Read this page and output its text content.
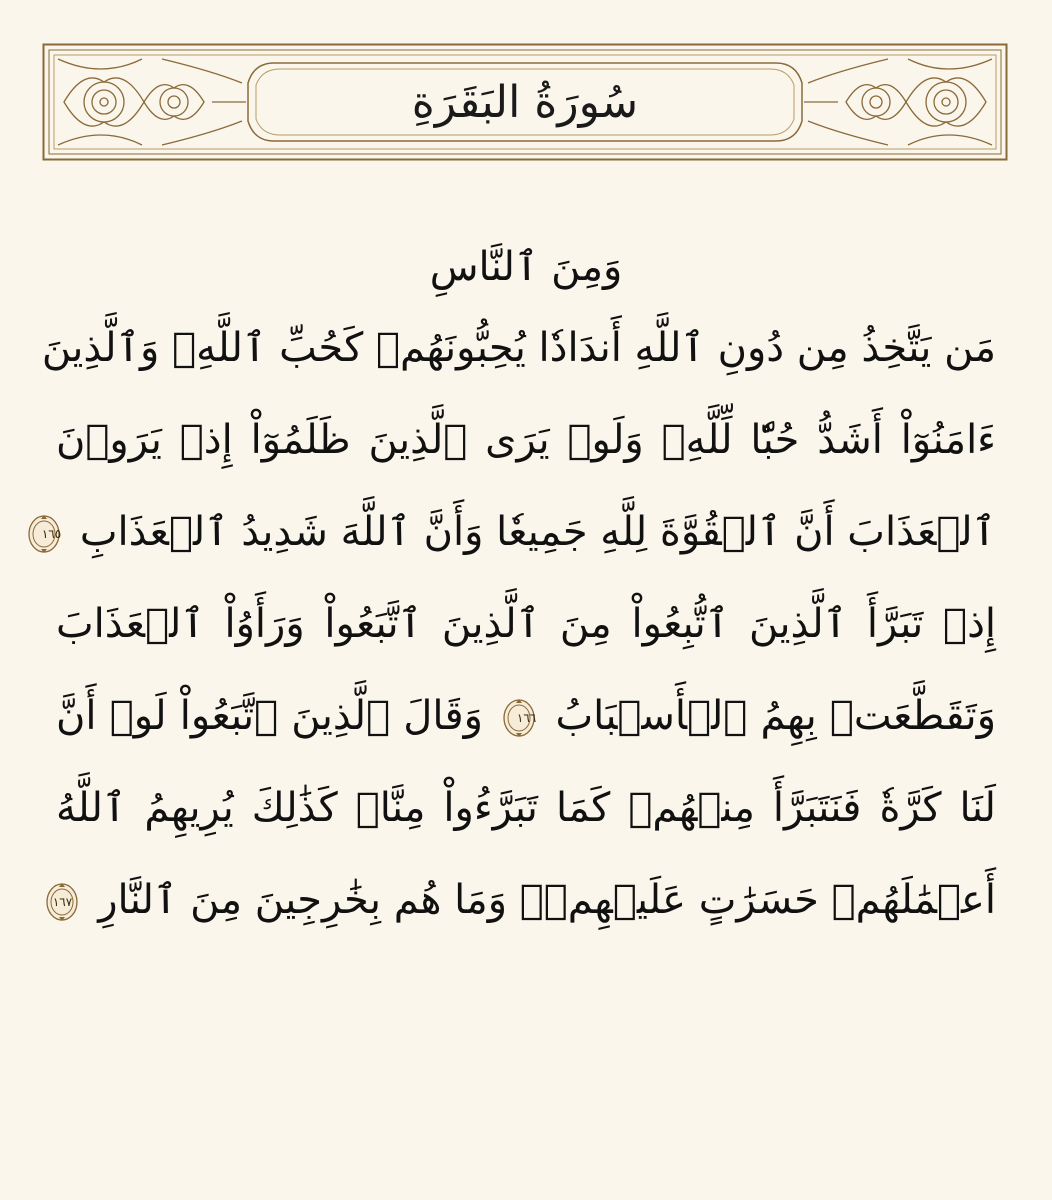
سُورَةُ البَقَرَةِ
وَمِنَ ٱلنَّاسِ
مَن يَتَّخِذُ مِن دُونِ ٱللَّهِ أَندَادٗا يُحِبُّونَهُمۡ كَحُبِّ ٱللَّهِۖ وَٱلَّذِينَ
ءَامَنُوٓاْ أَشَدُّ حُبّٗا لِّلَّهِۗ وَلَوۡ يَرَى ٱلَّذِينَ ظَلَمُوٓاْ إِذۡ يَرَوۡنَ
ٱلۡعَذَابَ أَنَّ ٱلۡقُوَّةَ لِلَّهِ جَمِيعٗا وَأَنَّ ٱللَّهَ شَدِيدُ ٱلۡعَذَابِ
١٦٥
إِذۡ تَبَرَّأَ ٱلَّذِينَ ٱتُّبِعُواْ مِنَ ٱلَّذِينَ ٱتَّبَعُواْ وَرَأَوُاْ ٱلۡعَذَابَ
وَتَقَطَّعَتۡ بِهِمُ ٱلۡأَسۡبَابُ
١٦٦
وَقَالَ ٱلَّذِينَ ٱتَّبَعُواْ لَوۡ أَنَّ
لَنَا كَرَّةٗ فَنَتَبَرَّأَ مِنۡهُمۡ كَمَا تَبَرَّءُواْ مِنَّاۗ كَذَٰلِكَ يُرِيهِمُ ٱللَّهُ
أَعۡمَٰلَهُمۡ حَسَرَٰتٍ عَلَيۡهِمۡۖ وَمَا هُم بِخَٰرِجِينَ مِنَ ٱلنَّارِ
١٦٧
